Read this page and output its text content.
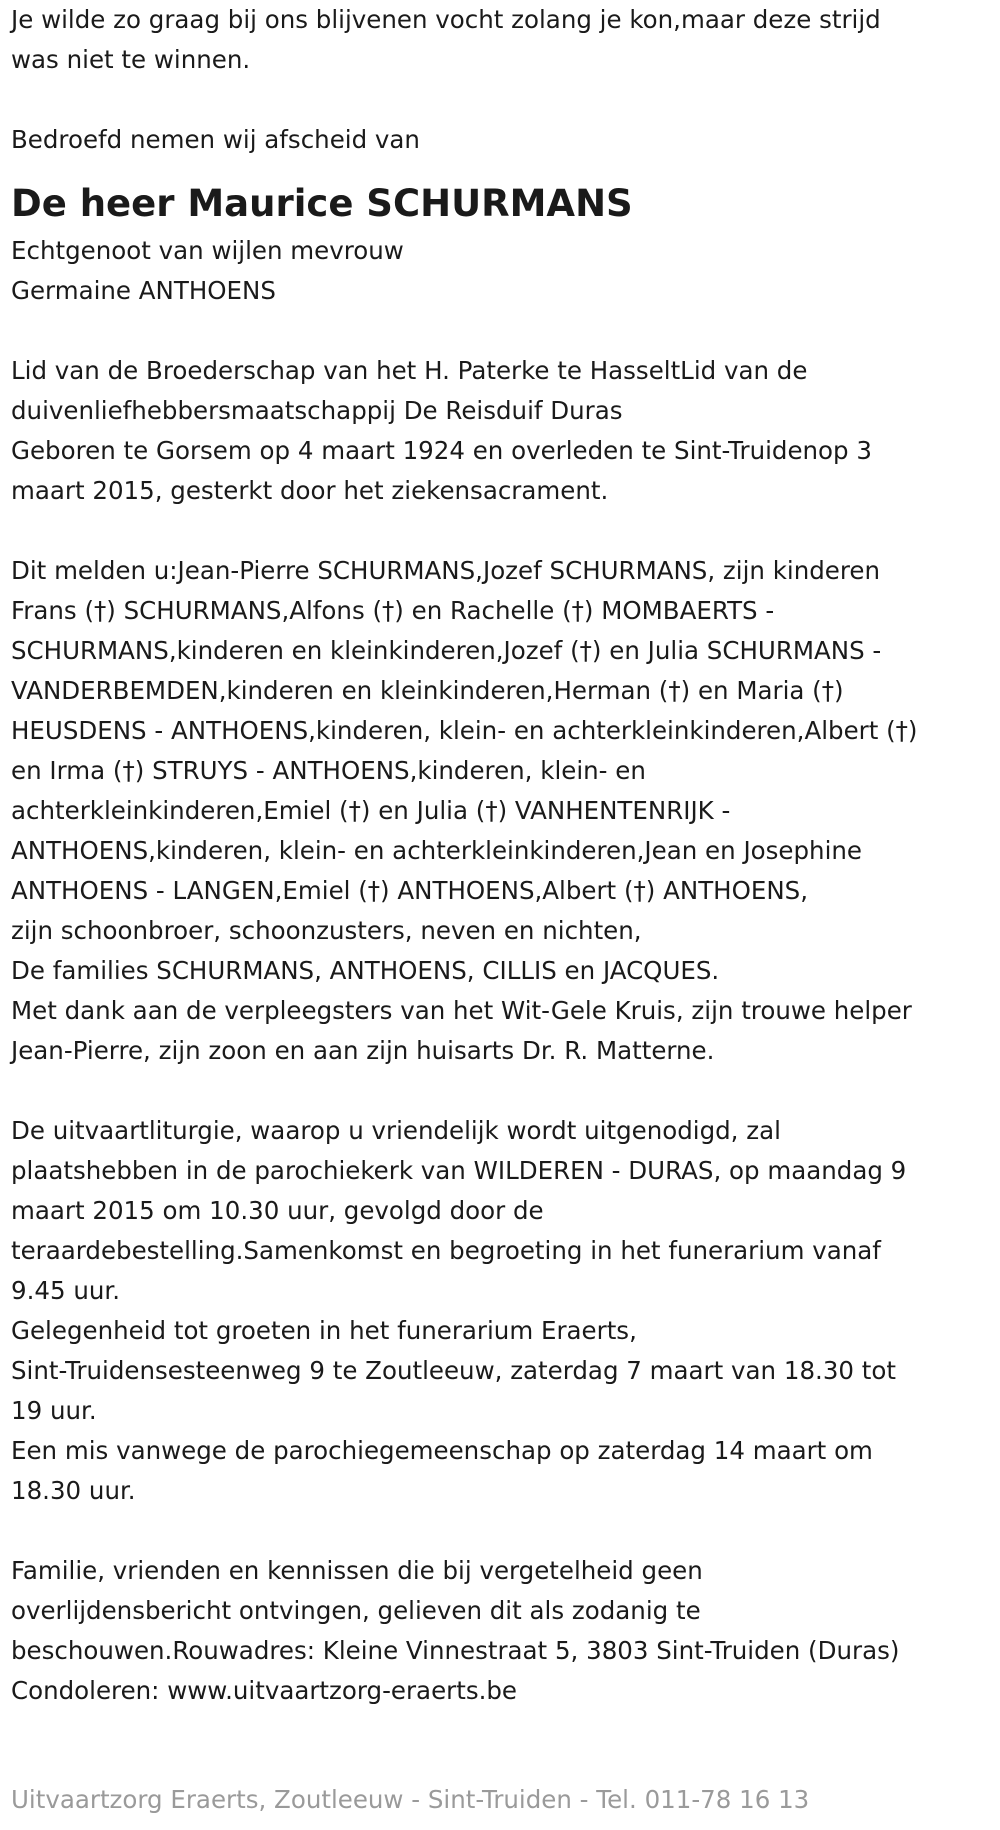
Je wilde zo graag bij ons blijvenen vocht zolang je kon,maar deze strijd
was niet te winnen.

Bedroefd nemen wij afscheid van

De heer Maurice SCHURMANS

Echtgenoot van wijlen mevrouw
Germaine ANTHOENS

Lid van de Broederschap van het H. Paterke te HasseltLid van de
duivenliefhebbersmaatschappij De Reisduif Duras
Geboren te Gorsem op 4 maart 1924 en overleden te Sint-Truidenop 3
maart 2015, gesterkt door het ziekensacrament.

Dit melden u:Jean-Pierre SCHURMANS,Jozef SCHURMANS, zijn kinderen
Frans (†) SCHURMANS,Alfons (†) en Rachelle (†) MOMBAERTS -
SCHURMANS,kinderen en kleinkinderen,Jozef (†) en Julia SCHURMANS -
VANDERBEMDEN,kinderen en kleinkinderen,Herman (†) en Maria (†)
HEUSDENS - ANTHOENS,kinderen, klein- en achterkleinkinderen,Albert (†)
en Irma (†) STRUYS - ANTHOENS,kinderen, klein- en
achterkleinkinderen,Emiel (†) en Julia (†) VANHENTENRIJK -
ANTHOENS,kinderen, klein- en achterkleinkinderen,Jean en Josephine
ANTHOENS - LANGEN,Emiel (†) ANTHOENS,Albert (†) ANTHOENS,
zijn schoonbroer, schoonzusters, neven en nichten,
De families SCHURMANS, ANTHOENS, CILLIS en JACQUES.
Met dank aan de verpleegsters van het Wit-Gele Kruis, zijn trouwe helper
Jean-Pierre, zijn zoon en aan zijn huisarts Dr. R. Matterne.

De uitvaartliturgie, waarop u vriendelijk wordt uitgenodigd, zal
plaatshebben in de parochiekerk van WILDEREN - DURAS, op maandag 9
maart 2015 om 10.30 uur, gevolgd door de
teraardebestelling.Samenkomst en begroeting in het funerarium vanaf
9.45 uur.
Gelegenheid tot groeten in het funerarium Eraerts,
Sint-Truidensesteenweg 9 te Zoutleeuw, zaterdag 7 maart van 18.30 tot
19 uur.
Een mis vanwege de parochiegemeenschap op zaterdag 14 maart om
18.30 uur.

Familie, vrienden en kennissen die bij vergetelheid geen
overlijdensbericht ontvingen, gelieven dit als zodanig te
beschouwen.Rouwadres: Kleine Vinnestraat 5, 3803 Sint-Truiden (Duras)
Condoleren: www.uitvaartzorg-eraerts.be

Uitvaartzorg Eraerts, Zoutleeuw - Sint-Truiden - Tel. 011-78 16 13
